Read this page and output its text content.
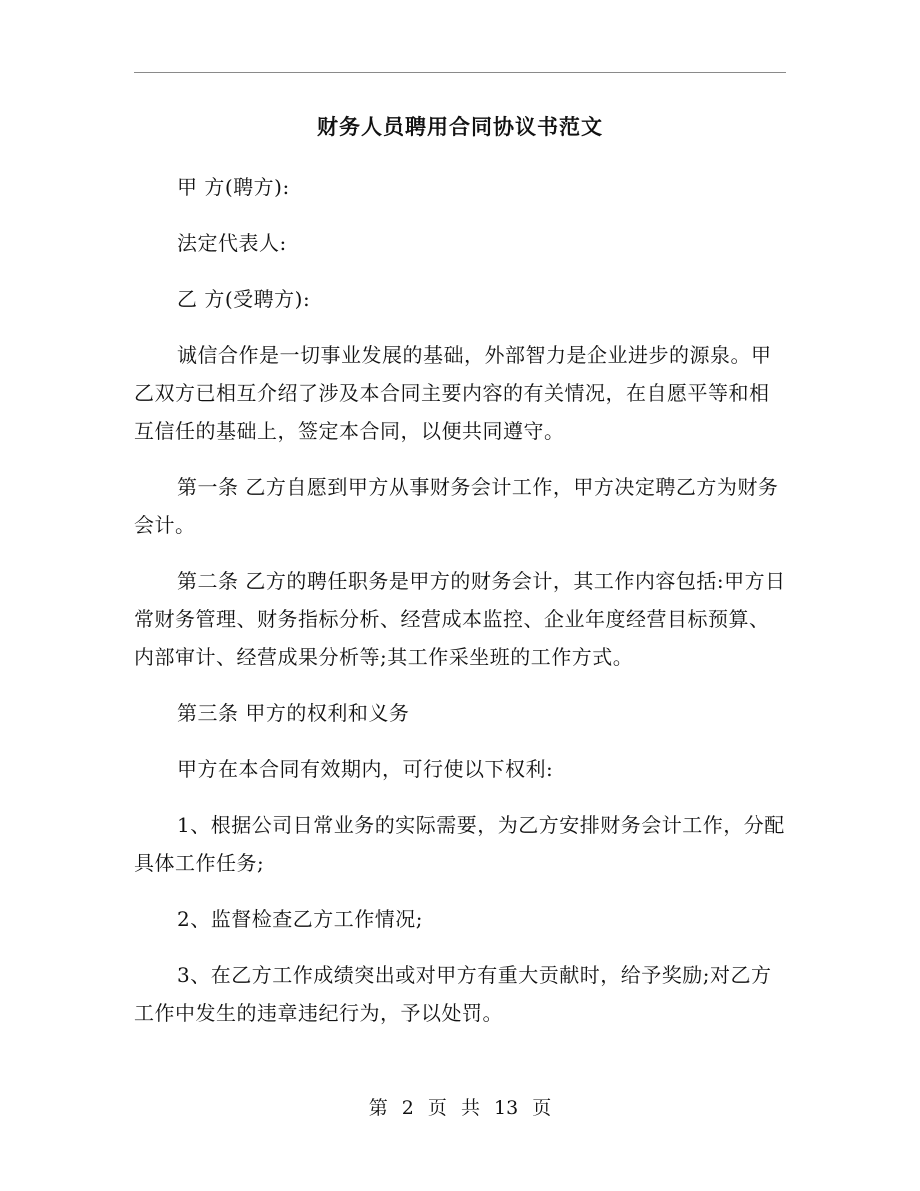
财务人员聘用合同协议书范文

甲 方(聘方):

法定代表人:

乙 方(受聘方):

诚信合作是一切事业发展的基础，外部智力是企业进步的源泉。甲乙双方已相互介绍了涉及本合同主要内容的有关情况，在自愿平等和相互信任的基础上，签定本合同，以便共同遵守。

第一条 乙方自愿到甲方从事财务会计工作，甲方决定聘乙方为财务会计。

第二条 乙方的聘任职务是甲方的财务会计，其工作内容包括:甲方日常财务管理、财务指标分析、经营成本监控、企业年度经营目标预算、内部审计、经营成果分析等;其工作采坐班的工作方式。

第三条 甲方的权利和义务

甲方在本合同有效期内，可行使以下权利:

1、根据公司日常业务的实际需要，为乙方安排财务会计工作，分配具体工作任务;

2、监督检查乙方工作情况;

3、在乙方工作成绩突出或对甲方有重大贡献时，给予奖励;对乙方工作中发生的违章违纪行为，予以处罚。

第 2 页 共 13 页
